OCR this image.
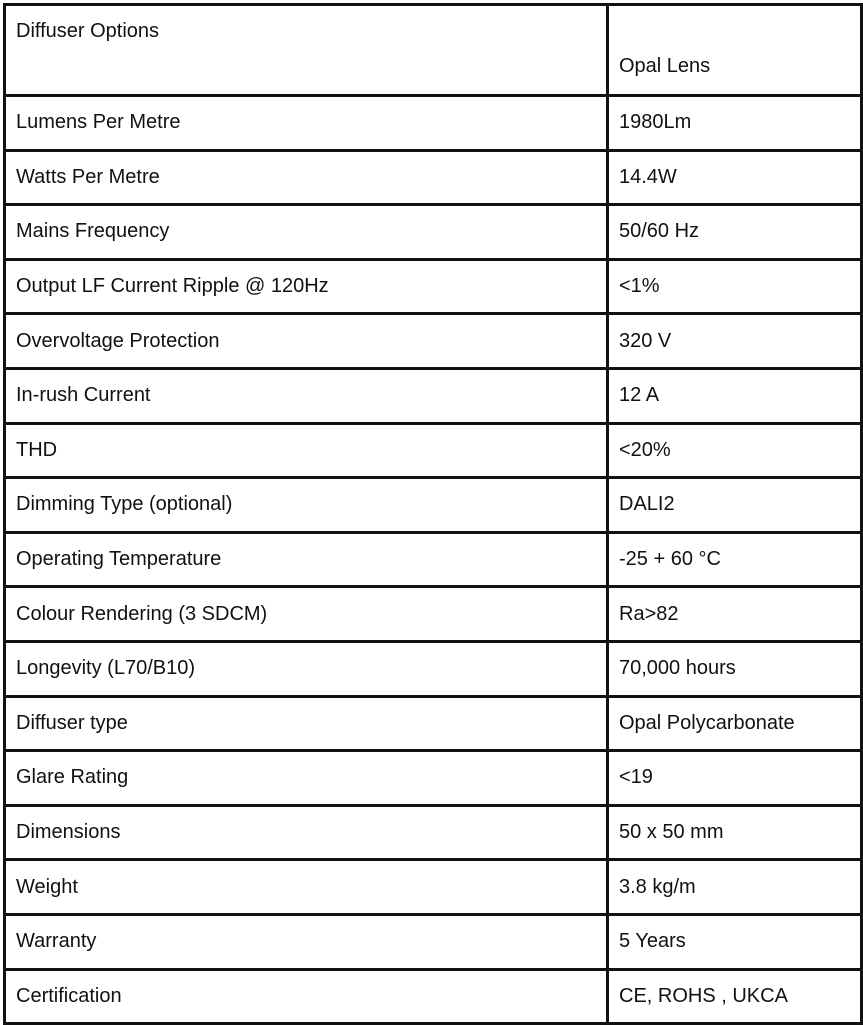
Diffuser Options	Opal Lens
Lumens Per Metre	1980Lm
Watts Per Metre	14.4W
Mains Frequency	50/60 Hz
Output LF Current Ripple @ 120Hz	<1%
Overvoltage Protection	320 V
In-rush Current	12 A
THD	<20%
Dimming Type (optional)	DALI2
Operating Temperature	-25 + 60 °C
Colour Rendering (3 SDCM)	Ra>82
Longevity (L70/B10)	70,000 hours
Diffuser type	Opal Polycarbonate
Glare Rating	<19
Dimensions	50 x 50 mm
Weight	3.8 kg/m
Warranty	5 Years
Certification	CE, ROHS , UKCA
